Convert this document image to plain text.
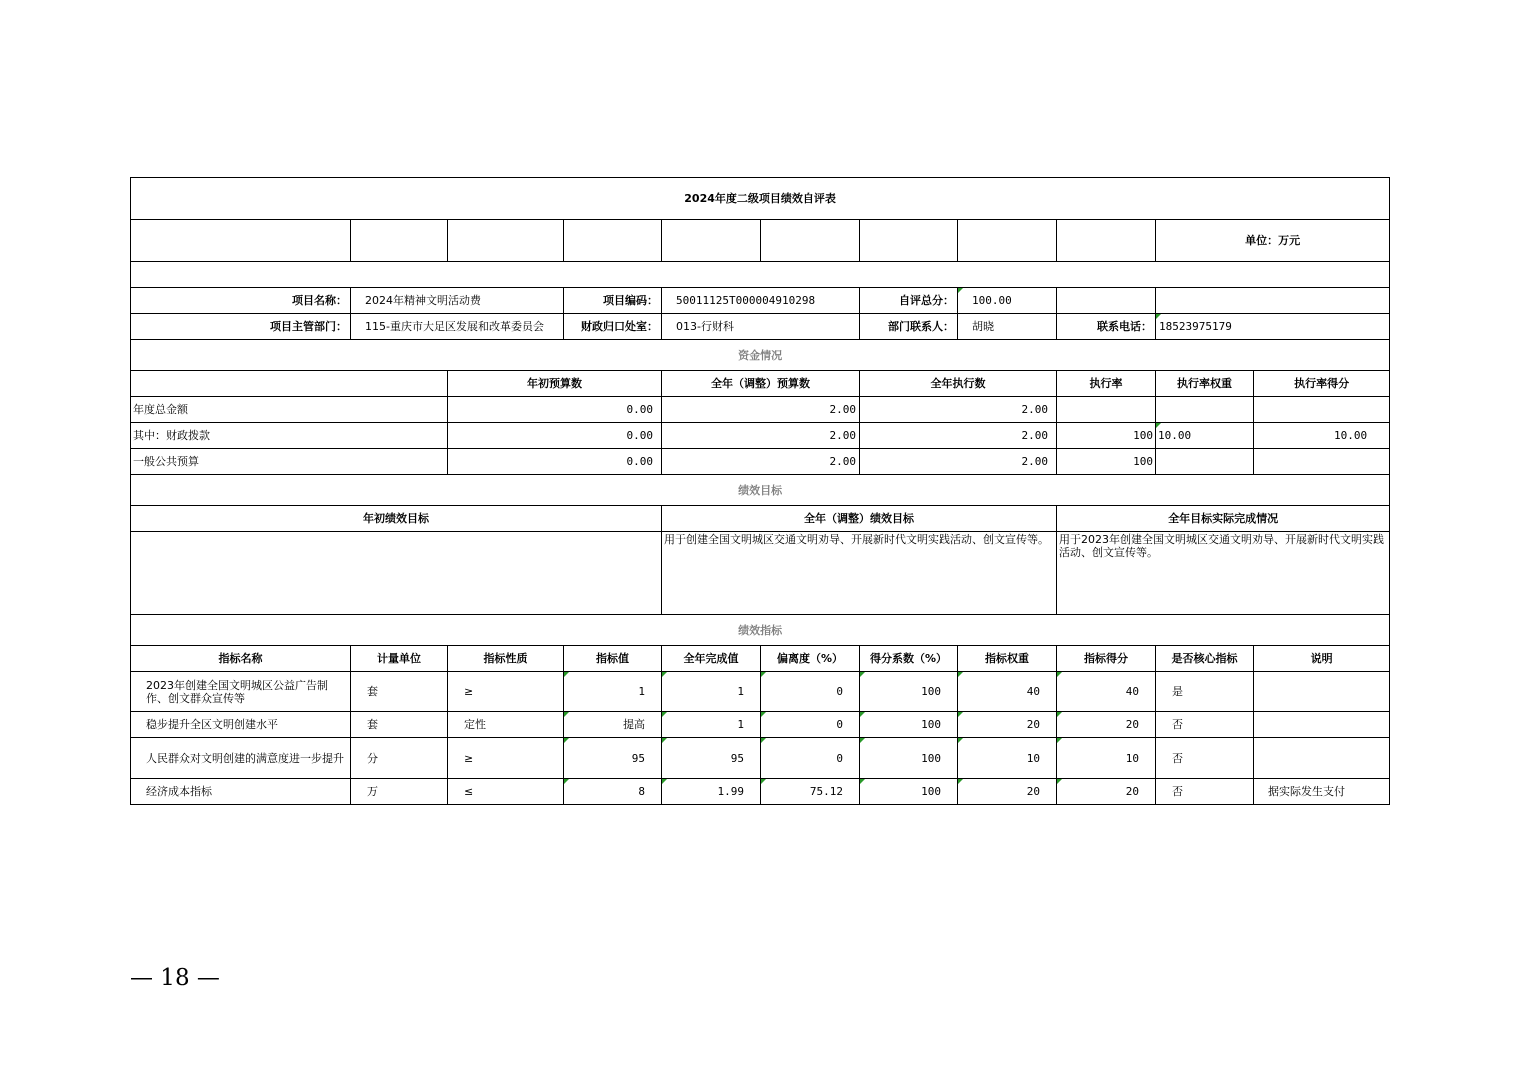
2024年度二级项目绩效自评表										
									单位：万元	

项目名称：	2024年精神文明活动费		项目编码：	50011125T000004910298		自评总分：	100.00			
项目主管部门：	115-重庆市大足区发展和改革委员会		财政归口处室：	013-行财科		部门联系人：	胡晓	联系电话：	18523975179	
资金情况										
		年初预算数		全年（调整）预算数		全年执行数		执行率	执行率权重	执行率得分
年度总金额		0.00		2.00		2.00				
其中：财政拨款		0.00		2.00		2.00		100	10.00	10.00
一般公共预算		0.00		2.00		2.00		100		
绩效目标										
年初绩效目标				全年（调整）绩效目标				全年目标实际完成情况		
				用于创建全国文明城区交通文明劝导、开展新时代文明实践活动、创文宣传等。				用于2023年创建全国文明城区交通文明劝导、开展新时代文明实践活动、创文宣传等。		
绩效指标										
指标名称	计量单位	指标性质	指标值	全年完成值	偏离度（%）	得分系数（%）	指标权重	指标得分	是否核心指标	说明
2023年创建全国文明城区公益广告制作、创文群众宣传等	套	≥	1	1	0	100	40	40	是	
稳步提升全区文明创建水平	套	定性	提高	1	0	100	20	20	否	
人民群众对文明创建的满意度进一步提升	分	≥	95	95	0	100	10	10	否	
经济成本指标	万	≤	8	1.99	75.12	100	20	20	否	据实际发生支付
— 18 —
